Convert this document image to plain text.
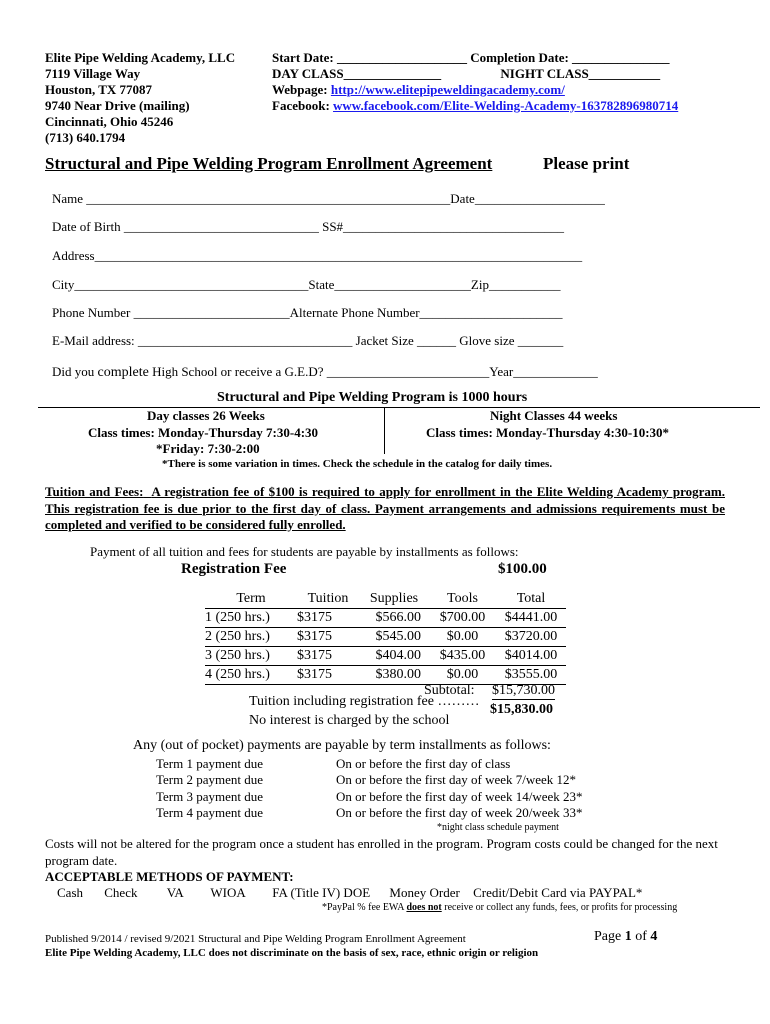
Elite Pipe Welding Academy, LLC
7119 Village Way
Houston, TX 77087
9740 Near Drive (mailing)
Cincinnati, Ohio 45246
(713) 640.1794
Start Date: ____________________ Completion Date: _______________
DAY CLASS_______________	NIGHT CLASS___________
Webpage: http://www.elitepipeweldingacademy.com/
Facebook: www.facebook.com/Elite-Welding-Academy-163782896980714
Structural and Pipe Welding Program Enrollment Agreement	Please print
Name ________________________________________________________Date____________________
Date of Birth ______________________________ SS#__________________________________
Address___________________________________________________________________________
City____________________________________State_____________________Zip___________
Phone Number ________________________Alternate Phone Number______________________
E-Mail address: _________________________________ Jacket Size ______ Glove size _______
Did you complete High School or receive a G.E.D? _________________________Year_____________
Structural and Pipe Welding Program is 1000 hours
Day classes 26 Weeks
Class times: Monday-Thursday 7:30-4:30
*Friday: 7:30-2:00
Night Classes 44 weeks
Class times: Monday-Thursday 4:30-10:30*
*There is some variation in times. Check the schedule in the catalog for daily times.
Tuition and Fees: A registration fee of $100 is required to apply for enrollment in the Elite Welding Academy program. This registration fee is due prior to the first day of class. Payment arrangements and admissions requirements must be completed and verified to be considered fully enrolled.
Payment of all tuition and fees for students are payable by installments as follows:
Registration Fee	$100.00
Term	Tuition	Supplies	Tools	Total
1 (250 hrs.)	$3175	$566.00	$700.00	$4441.00
2 (250 hrs.)	$3175	$545.00	$0.00	$3720.00
3 (250 hrs.)	$3175	$404.00	$435.00	$4014.00
4 (250 hrs.)	$3175	$380.00	$0.00	$3555.00
Subtotal: $15,730.00
Tuition including registration fee ………
$15,830.00
No interest is charged by the school
Any (out of pocket) payments are payable by term installments as follows:
Term 1 payment due	On or before the first day of class
Term 2 payment due	On or before the first day of week 7/week 12*
Term 3 payment due	On or before the first day of week 14/week 23*
Term 4 payment due	On or before the first day of week 20/week 33*
*night class schedule payment
Costs will not be altered for the program once a student has enrolled in the program. Program costs could be changed for the next program date.
ACCEPTABLE METHODS OF PAYMENT:
Cash Check VA WIOA FA (Title IV) DOE Money Order Credit/Debit Card via PAYPAL*
*PayPal % fee EWA does not receive or collect any funds, fees, or profits for processing
Published 9/2014 / revised 9/2021 Structural and Pipe Welding Program Enrollment Agreement	Page 1 of 4
Elite Pipe Welding Academy, LLC does not discriminate on the basis of sex, race, ethnic origin or religion
